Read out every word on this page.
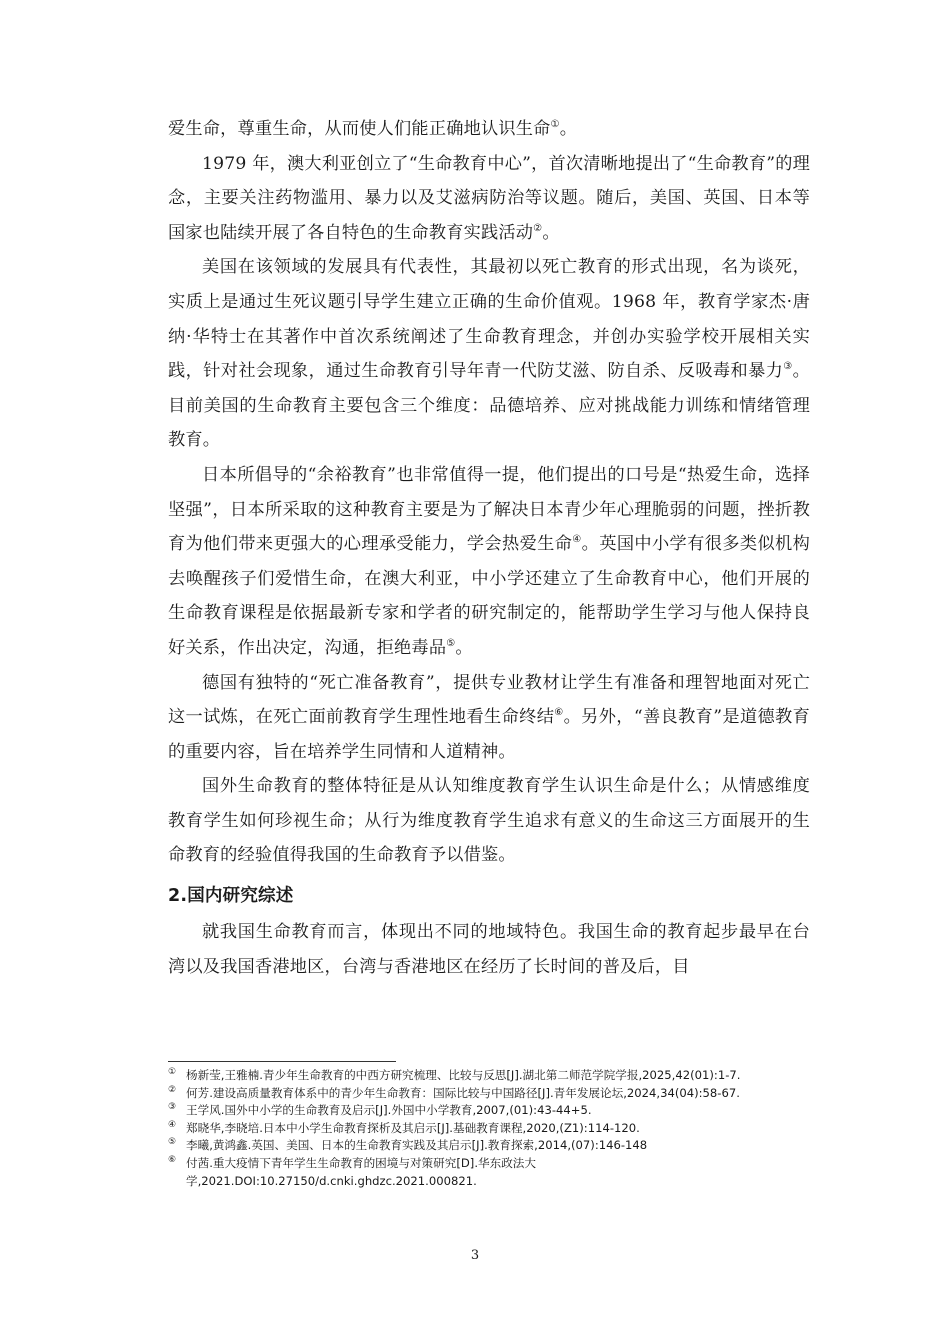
爱生命，尊重生命，从而使人们能正确地认识生命①。

1979 年，澳大利亚创立了“生命教育中心”，首次清晰地提出了“生命教育”的理念，主要关注药物滥用、暴力以及艾滋病防治等议题。随后，美国、英国、日本等国家也陆续开展了各自特色的生命教育实践活动②。

美国在该领域的发展具有代表性，其最初以死亡教育的形式出现，名为谈死，实质上是通过生死议题引导学生建立正确的生命价值观。1968 年，教育学家杰·唐纳·华特士在其著作中首次系统阐述了生命教育理念，并创办实验学校开展相关实践，针对社会现象，通过生命教育引导年青一代防艾滋、防自杀、反吸毒和暴力③。目前美国的生命教育主要包含三个维度：品德培养、应对挑战能力训练和情绪管理教育。

日本所倡导的“余裕教育”也非常值得一提，他们提出的口号是“热爱生命，选择坚强”，日本所采取的这种教育主要是为了解决日本青少年心理脆弱的问题，挫折教育为他们带来更强大的心理承受能力，学会热爱生命④。英国中小学有很多类似机构去唤醒孩子们爱惜生命，在澳大利亚，中小学还建立了生命教育中心，他们开展的生命教育课程是依据最新专家和学者的研究制定的，能帮助学生学习与他人保持良好关系，作出决定，沟通，拒绝毒品⑤。

德国有独特的“死亡准备教育”，提供专业教材让学生有准备和理智地面对死亡这一试炼，在死亡面前教育学生理性地看生命终结⑥。另外，“善良教育”是道德教育的重要内容，旨在培养学生同情和人道精神。

国外生命教育的整体特征是从认知维度教育学生认识生命是什么；从情感维度教育学生如何珍视生命；从行为维度教育学生追求有意义的生命这三方面展开的生命教育的经验值得我国的生命教育予以借鉴。

2.国内研究综述

就我国生命教育而言，体现出不同的地域特色。我国生命的教育起步最早在台湾以及我国香港地区，台湾与香港地区在经历了长时间的普及后，目

① 杨新莹,王雅楠.青少年生命教育的中西方研究梳理、比较与反思[J].湖北第二师范学院学报,2025,42(01):1-7.

② 何芳.建设高质量教育体系中的青少年生命教育：国际比较与中国路径[J].青年发展论坛,2024,34(04):58-67.

③ 王学风.国外中小学的生命教育及启示[J].外国中小学教育,2007,(01):43-44+5.

④ 郑晓华,李晓培.日本中小学生命教育探析及其启示[J].基础教育课程,2020,(Z1):114-120.

⑤ 李曦,黄鸿鑫.英国、美国、日本的生命教育实践及其启示[J].教育探索,2014,(07):146-148

⑥ 付茜.重大疫情下青年学生生命教育的困境与对策研究[D].华东政法大学,2021.DOI:10.27150/d.cnki.ghdzc.2021.000821.

3
